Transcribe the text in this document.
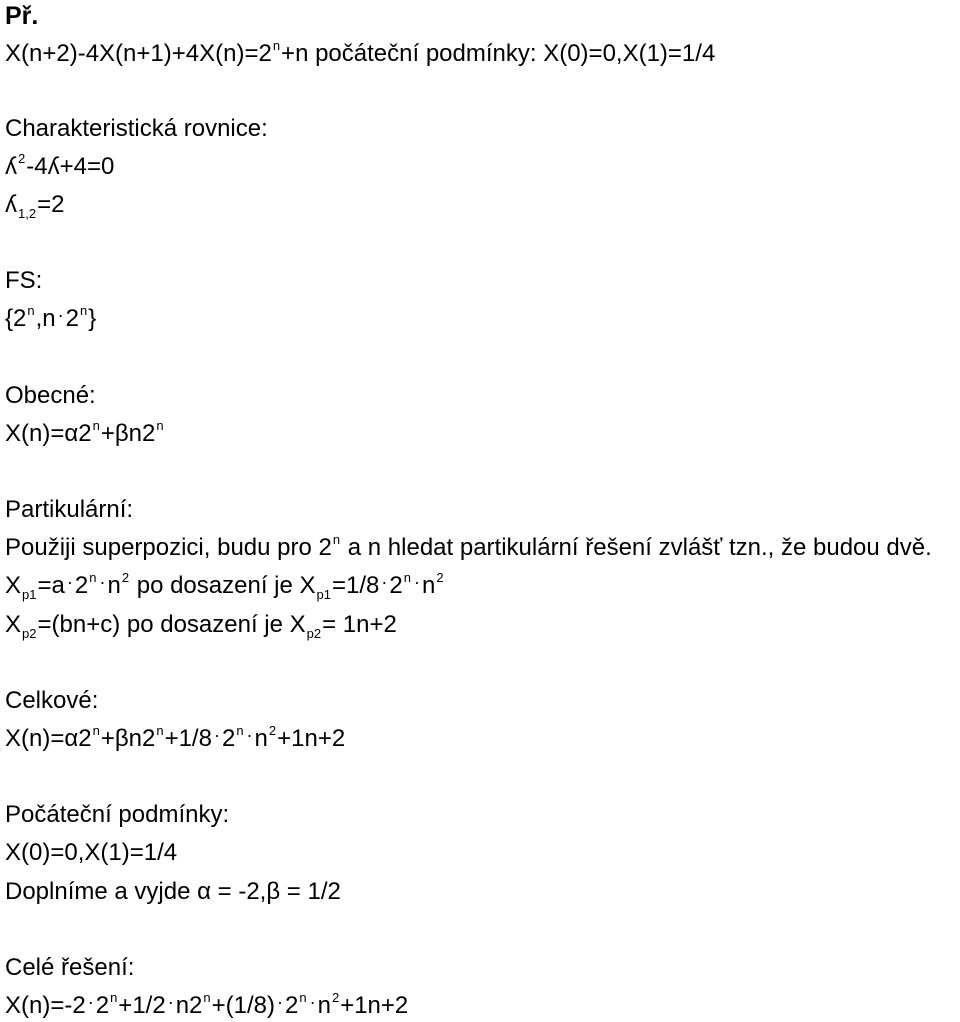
Př.
$X(n+2)-4X(n+1)+4X(n)=2^n+n$ počáteční podmínky: X(0)=0,X(1)=1/4
Charakteristická rovnice:
ʎ$^2$-4ʎ+4=0
ʎ$_{1,2}$=2
FS:
{2$^n$,n ·2$^n$}
Obecné:
$X(n)=\alpha 2^n+\beta n2^n$
Partikulární:
Použiji superpozici, budu pro 2$^n$ a n hledat partikulární řešení zvlášť tzn., že budou dvě.
$X_{p1}=a$ ·2$^n$ $^\cdot n^2$ po dosazení je $X_{p1}=1/8$ ·2$^n$ $^\cdot n^2$
$X_{p2}=(bn+c)$ po dosazení je $X_{p2}= 1n+2$
Celkové:
$X(n)=\alpha 2^n+\beta n2^n+1/8$ ·2$^n$ $^\cdot n^2+1n+2$
Počáteční podmínky:
X(0)=0,X(1)=1/4
Doplníme a vyjde α = -2,β = 1/2
Celé řešení:
X(n)=-2 $^\cdot 2^n+1/2$ $^\cdot n2^n+(1/8)$ ·2$^n$ $^\cdot n^2+1n+2$
